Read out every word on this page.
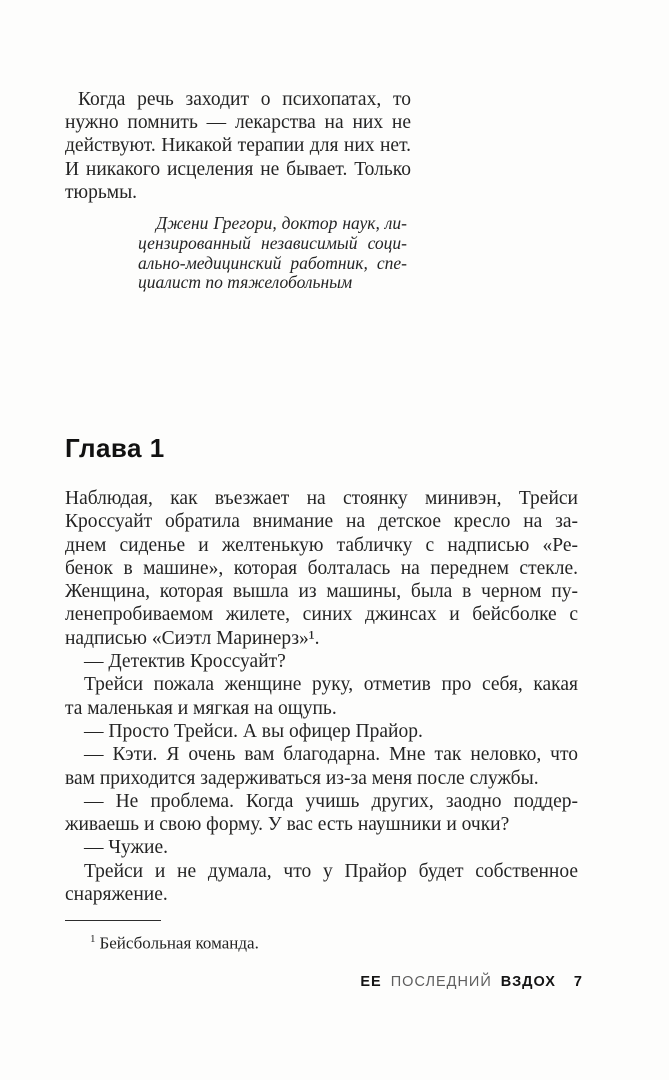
Когда речь заходит о психопатах, то
нужно помнить — лекарства на них не
действуют. Никакой терапии для них нет.
И никакого исцеления не бывает. Только
тюрьмы.
Джени Грегори, доктор наук, ли-
цензированный независимый соци-
ально-медицинский работник, спе-
циалист по тяжелобольным
Глава 1
Наблюдая, как въезжает на стоянку минивэн, Трейси
Кроссуайт обратила внимание на детское кресло на за-
днем сиденье и желтенькую табличку с надписью «Ре-
бенок в машине», которая болталась на переднем стекле.
Женщина, которая вышла из машины, была в черном пу-
ленепробиваемом жилете, синих джинсах и бейсболке с
надписью «Сиэтл Маринерз»¹.
— Детектив Кроссуайт?
Трейси пожала женщине руку, отметив про себя, какая
та маленькая и мягкая на ощупь.
— Просто Трейси. А вы офицер Прайор.
— Кэти. Я очень вам благодарна. Мне так неловко, что
вам приходится задерживаться из-за меня после службы.
— Не проблема. Когда учишь других, заодно поддер-
живаешь и свою форму. У вас есть наушники и очки?
— Чужие.
Трейси и не думала, что у Прайор будет собственное
снаряжение.
$^1$ Бейсбольная команда.
ЕЕ ПОСЛЕДНИЙ ВЗДОХ 7
